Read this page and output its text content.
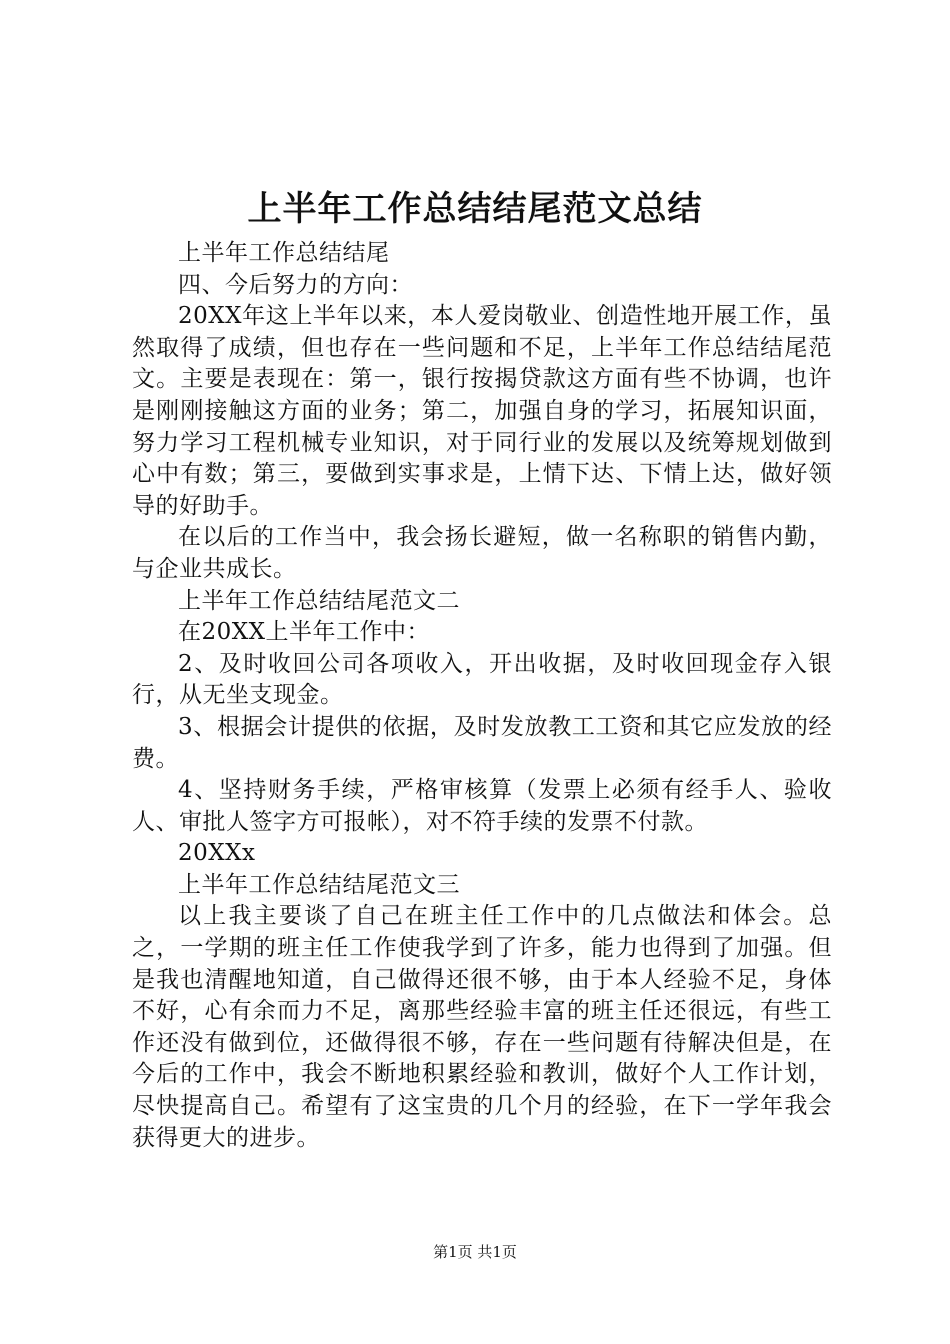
上半年工作总结结尾范文总结

上半年工作总结结尾

四、今后努力的方向：

20XX年这上半年以来，本人爱岗敬业、创造性地开展工作，虽然取得了成绩，但也存在一些问题和不足，上半年工作总结结尾范文。主要是表现在：第一，银行按揭贷款这方面有些不协调，也许是刚刚接触这方面的业务；第二，加强自身的学习，拓展知识面，努力学习工程机械专业知识，对于同行业的发展以及统筹规划做到心中有数；第三，要做到实事求是，上情下达、下情上达，做好领导的好助手。

在以后的工作当中，我会扬长避短，做一名称职的销售内勤，与企业共成长。

上半年工作总结结尾范文二

在20XX上半年工作中：

2、及时收回公司各项收入，开出收据，及时收回现金存入银行，从无坐支现金。

3、根据会计提供的依据，及时发放教工工资和其它应发放的经费。

4、坚持财务手续，严格审核算（发票上必须有经手人、验收人、审批人签字方可报帐），对不符手续的发票不付款。

20XXx

上半年工作总结结尾范文三

以上我主要谈了自己在班主任工作中的几点做法和体会。总之，一学期的班主任工作使我学到了许多，能力也得到了加强。但是我也清醒地知道，自己做得还很不够，由于本人经验不足，身体不好，心有余而力不足，离那些经验丰富的班主任还很远，有些工作还没有做到位，还做得很不够，存在一些问题有待解决但是，在今后的工作中，我会不断地积累经验和教训，做好个人工作计划，尽快提高自己。希望有了这宝贵的几个月的经验，在下一学年我会获得更大的进步。

第1页 共1页
